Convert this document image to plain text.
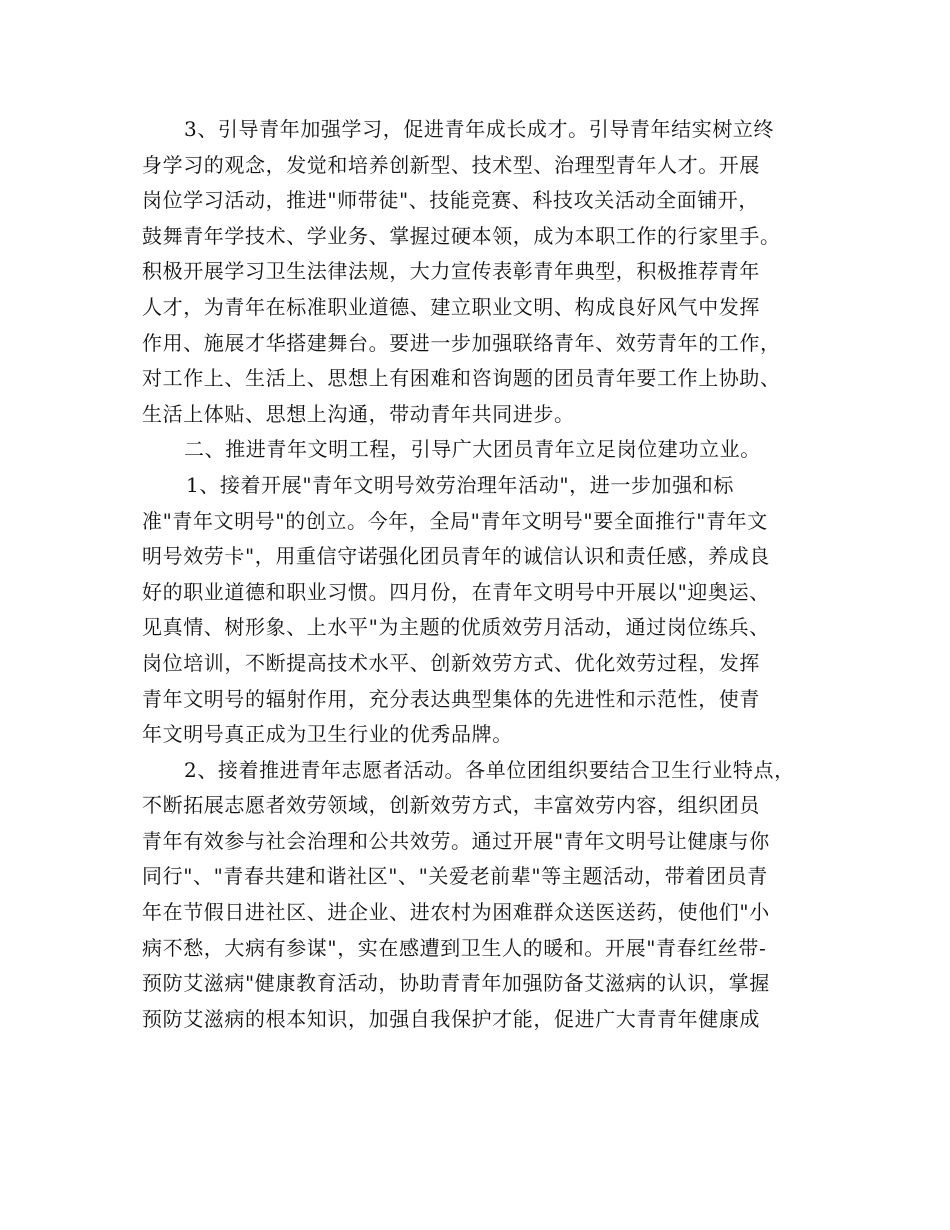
3、引导青年加强学习，促进青年成长成才。引导青年结实树立终
身学习的观念，发觉和培养创新型、技术型、治理型青年人才。开展
岗位学习活动，推进"师带徒"、技能竞赛、科技攻关活动全面铺开，
鼓舞青年学技术、学业务、掌握过硬本领，成为本职工作的行家里手。
积极开展学习卫生法律法规，大力宣传表彰青年典型，积极推荐青年
人才，为青年在标准职业道德、建立职业文明、构成良好风气中发挥
作用、施展才华搭建舞台。要进一步加强联络青年、效劳青年的工作，
对工作上、生活上、思想上有困难和咨询题的团员青年要工作上协助、
生活上体贴、思想上沟通，带动青年共同进步。
二、推进青年文明工程，引导广大团员青年立足岗位建功立业。
1、接着开展"青年文明号效劳治理年活动"，进一步加强和标
准"青年文明号"的创立。今年，全局"青年文明号"要全面推行"青年文
明号效劳卡"，用重信守诺强化团员青年的诚信认识和责任感，养成良
好的职业道德和职业习惯。四月份，在青年文明号中开展以"迎奥运、
见真情、树形象、上水平"为主题的优质效劳月活动，通过岗位练兵、
岗位培训，不断提高技术水平、创新效劳方式、优化效劳过程，发挥
青年文明号的辐射作用，充分表达典型集体的先进性和示范性，使青
年文明号真正成为卫生行业的优秀品牌。
2、接着推进青年志愿者活动。各单位团组织要结合卫生行业特点，
不断拓展志愿者效劳领域，创新效劳方式，丰富效劳内容，组织团员
青年有效参与社会治理和公共效劳。通过开展"青年文明号让健康与你
同行"、"青春共建和谐社区"、"关爱老前辈"等主题活动，带着团员青
年在节假日进社区、进企业、进农村为困难群众送医送药，使他们"小
病不愁，大病有参谋"，实在感遭到卫生人的暖和。开展"青春红丝带-
预防艾滋病"健康教育活动，协助青青年加强防备艾滋病的认识，掌握
预防艾滋病的根本知识，加强自我保护才能，促进广大青青年健康成
